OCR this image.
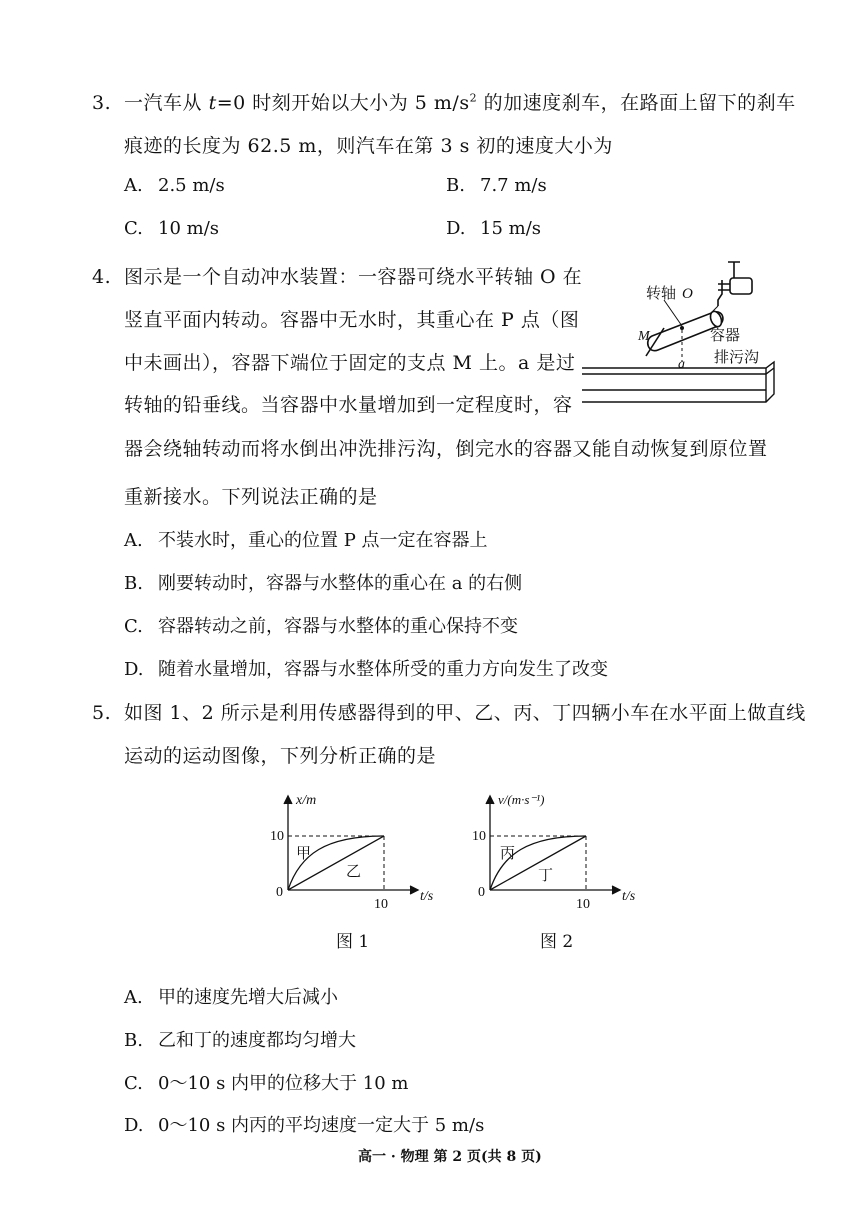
3. 一汽车从 t=0 时刻开始以大小为 5 $m/s^2$ 的加速度刹车，在路面上留下的刹车
痕迹的长度为 62.5 m，则汽车在第 3 s 初的速度大小为
A. 2.5 m/s	B. 7.7 m/s
C. 10 m/s	D. 15 m/s
4. 图示是一个自动冲水装置：一容器可绕水平转轴 O 在
竖直平面内转动。容器中无水时，其重心在 P 点（图
中未画出），容器下端位于固定的支点 M 上。a 是过
转轴的铅垂线。当容器中水量增加到一定程度时，容
器会绕轴转动而将水倒出冲洗排污沟，倒完水的容器又能自动恢复到原位置
重新接水。下列说法正确的是
转轴 O
M	容器
a 排污沟
A. 不装水时，重心的位置 P 点一定在容器上
B. 刚要转动时，容器与水整体的重心在 a 的右侧
C. 容器转动之前，容器与水整体的重心保持不变
D. 随着水量增加，容器与水整体所受的重力方向发生了改变
5. 如图 1、2 所示是利用传感器得到的甲、乙、丙、丁四辆小车在水平面上做直线
运动的运动图像，下列分析正确的是
x/m
10
0
10
t/s
甲
乙
图 1
v/(m·s⁻¹)
10
0
10
t/s
丙
丁
图 2
A. 甲的速度先增大后减小
B. 乙和丁的速度都均匀增大
C. 0～10 s 内甲的位移大于 10 m
D. 0～10 s 内丙的平均速度一定大于 5 m/s
高一 · 物理 第 2 页(共 8 页)
